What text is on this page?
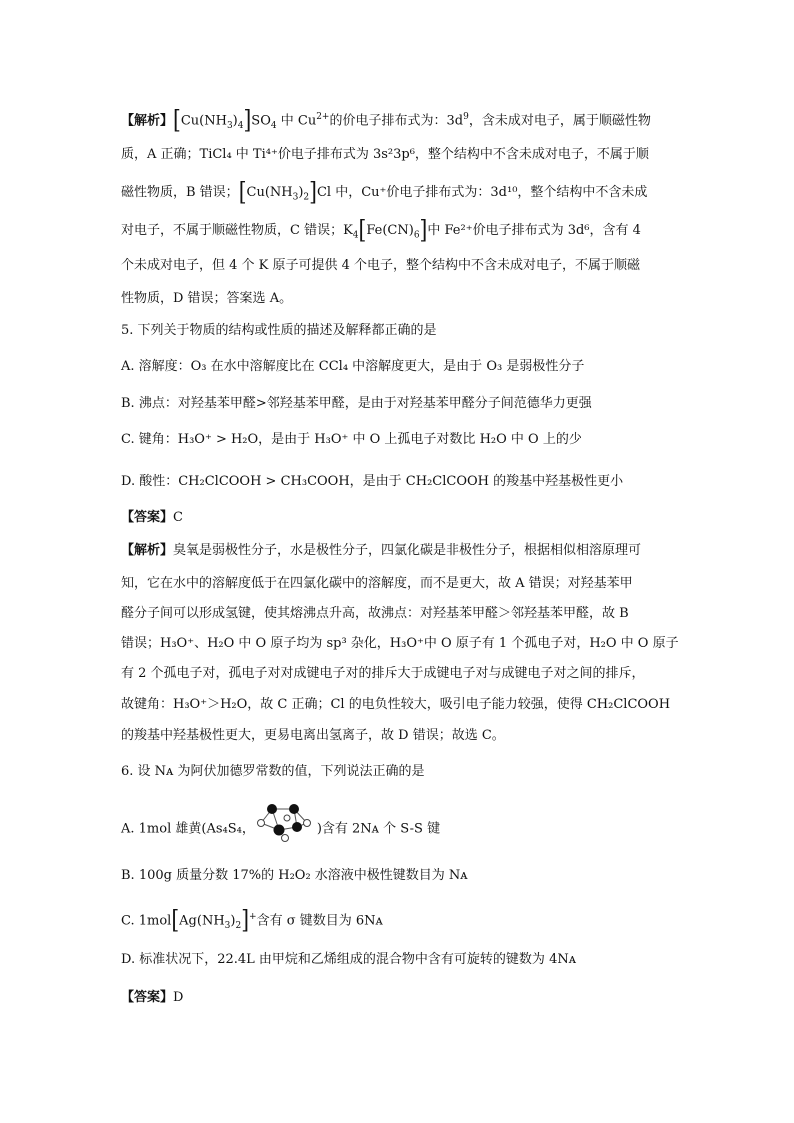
【解析】$[Cu(NH_3)_4]SO_4$ 中 $Cu^{2+}$的价电子排布式为：$3d^9$，含未成对电子，属于顺磁性物
质，A 正确；TiCl₄ 中 Ti⁴⁺价电子排布式为 3s²3p⁶，整个结构中不含未成对电子，不属于顺
磁性物质，B 错误；$[Cu(NH_3)_2]Cl$ 中，Cu⁺价电子排布式为：3d¹⁰，整个结构中不含未成
对电子，不属于顺磁性物质，C 错误；$K_4[Fe(CN)_6]$中 Fe²⁺价电子排布式为 3d⁶，含有 4
个未成对电子，但 4 个 K 原子可提供 4 个电子，整个结构中不含未成对电子，不属于顺磁
性物质，D 错误；答案选 A。
5. 下列关于物质的结构或性质的描述及解释都正确的是
A. 溶解度：O₃ 在水中溶解度比在 CCl₄ 中溶解度更大，是由于 O₃ 是弱极性分子
B. 沸点：对羟基苯甲醛>邻羟基苯甲醛，是由于对羟基苯甲醛分子间范德华力更强
C. 键角：H₃O⁺ > H₂O，是由于 H₃O⁺ 中 O 上孤电子对数比 H₂O 中 O 上的少
D. 酸性：CH₂ClCOOH > CH₃COOH，是由于 CH₂ClCOOH 的羧基中羟基极性更小
【答案】C
【解析】臭氧是弱极性分子，水是极性分子，四氯化碳是非极性分子，根据相似相溶原理可
知，它在水中的溶解度低于在四氯化碳中的溶解度，而不是更大，故 A 错误；对羟基苯甲
醛分子间可以形成氢键，使其熔沸点升高，故沸点：对羟基苯甲醛＞邻羟基苯甲醛，故 B
错误；H₃O⁺、H₂O 中 O 原子均为 sp³ 杂化，H₃O⁺中 O 原子有 1 个孤电子对，H₂O 中 O 原子
有 2 个孤电子对，孤电子对对成键电子对的排斥大于成键电子对与成键电子对之间的排斥，
故键角：H₃O⁺＞H₂O，故 C 正确；Cl 的电负性较大，吸引电子能力较强，使得 CH₂ClCOOH
的羧基中羟基极性更大，更易电离出氢离子，故 D 错误；故选 C。
6. 设 Nᴀ 为阿伏加德罗常数的值，下列说法正确的是
A. 1mol 雄黄(As₄S₄，	)含有 2Nᴀ 个 S-S 键
B. 100g 质量分数 17%的 H₂O₂ 水溶液中极性键数目为 Nᴀ
C. $1mol[Ag(NH_3)_2]^+$含有 σ 键数目为 6Nᴀ
D. 标准状况下，22.4L 由甲烷和乙烯组成的混合物中含有可旋转的键数为 4Nᴀ
【答案】D
